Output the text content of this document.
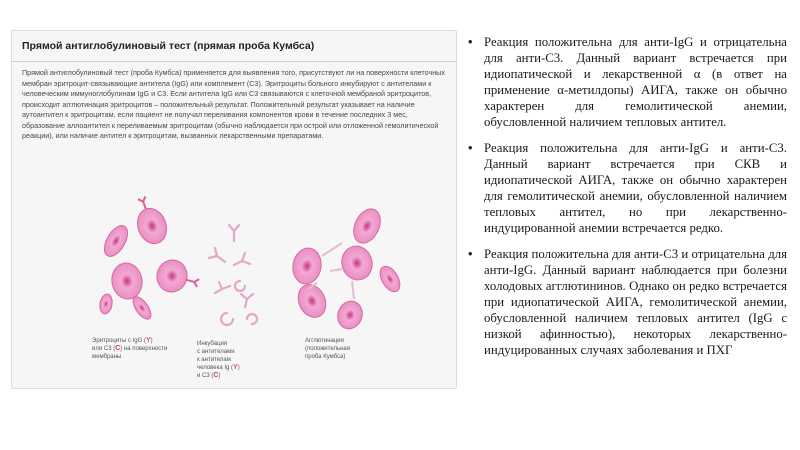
Прямой антиглобулиновый тест (прямая проба Кумбса)
Прямой антиглобулиновый тест (проба Кумбса) применяется для выявления того, присутствуют ли на поверхности клеточных мембран эритроцит-связывающие антитела (IgG) или комплемент (С3). Эритроциты больного инкубируют с антителами к человеческим иммуноглобулинам IgG и С3. Если антитела IgG или С3 связываются с клеточной мембраной эритроцитов, происходит агглютинация эритроцитов – положительный результат. Положительный результат указывает на наличие аутоантител к эритроцитам, если пациент не получал переливания компонентов крови в течение последних 3 мес, образование аллоантител к переливаемым эритроцитам (обычно наблюдается при острой или отложенной гемолитической реакции), или наличие антител к эритроцитам, вызванных лекарственными препаратами.
Эритроциты с IgG (Y)
или С3 (C) на поверхности
мембраны
Инкубация
с антителами
к антителам
человека Ig (Y)
и С3 (C)
Агглютинация
(положительная
проба Кумбса)
• Реакция положительна для анти-IgG и отрицательна для анти-С3. Данный вариант встречается при идиопатической и лекарственной α (в ответ на применение α-метилдопы) АИГА, также он обычно характерен для гемолитической анемии, обусловленной наличием тепловых антител.
• Реакция положительна для анти-IgG и анти-С3. Данный вариант встречается при СКВ и идиопатической АИГА, также он обычно характерен для гемолитической анемии, обусловленной наличием тепловых антител, но при лекарственно-индуцированной анемии встречается редко.
• Реакция положительна для анти-С3 и отрицательна для анти-IgG. Данный вариант наблюдается при болезни холодовых агглютининов. Однако он редко встречается при идиопатической АИГА, гемолитической анемии, обусловленной наличием тепловых антител (IgG с низкой афинностью), некоторых лекарственно-индуцированных случаях заболевания и ПХГ
